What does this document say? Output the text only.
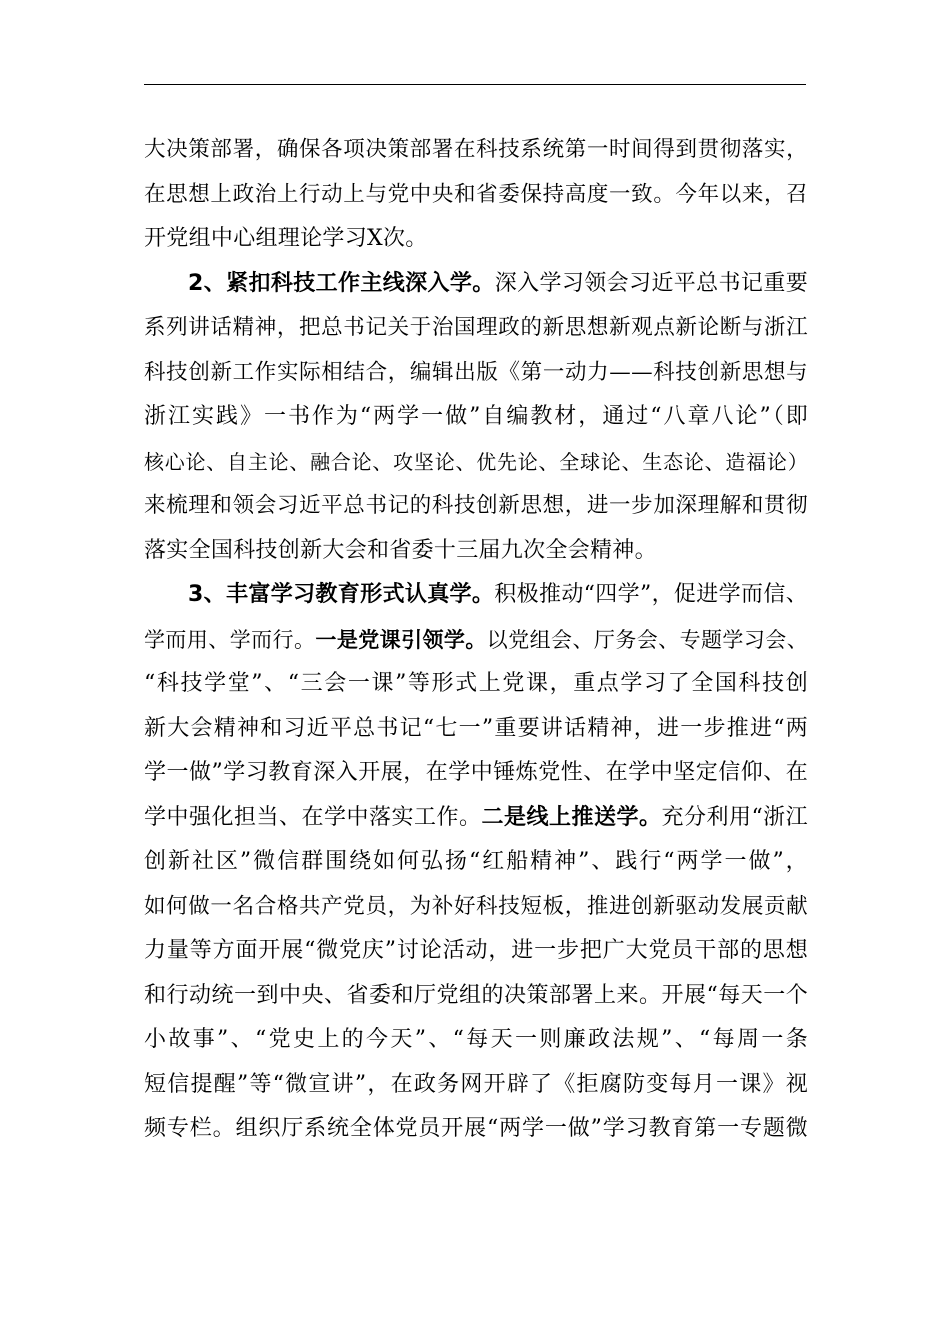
大决策部署，确保各项决策部署在科技系统第一时间得到贯彻落实，
在思想上政治上行动上与党中央和省委保持高度一致。今年以来，召
开党组中心组理论学习X次。
2、紧扣科技工作主线深入学。深入学习领会习近平总书记重要
系列讲话精神，把总书记关于治国理政的新思想新观点新论断与浙江
科技创新工作实际相结合，编辑出版《第一动力——科技创新思想与
浙江实践》一书作为“两学一做”自编教材，通过“八章八论”（即
核心论、自主论、融合论、攻坚论、优先论、全球论、生态论、造福论）
来梳理和领会习近平总书记的科技创新思想，进一步加深理解和贯彻
落实全国科技创新大会和省委十三届九次全会精神。
3、丰富学习教育形式认真学。积极推动“四学”，促进学而信、
学而用、学而行。一是党课引领学。以党组会、厅务会、专题学习会、
“科技学堂”、“三会一课”等形式上党课，重点学习了全国科技创
新大会精神和习近平总书记“七一”重要讲话精神，进一步推进“两
学一做”学习教育深入开展，在学中锤炼党性、在学中坚定信仰、在
学中强化担当、在学中落实工作。二是线上推送学。充分利用“浙江
创新社区”微信群围绕如何弘扬“红船精神”、践行“两学一做”，
如何做一名合格共产党员，为补好科技短板，推进创新驱动发展贡献
力量等方面开展“微党庆”讨论活动，进一步把广大党员干部的思想
和行动统一到中央、省委和厅党组的决策部署上来。开展“每天一个
小故事”、“党史上的今天”、“每天一则廉政法规”、“每周一条
短信提醒”等“微宣讲”，在政务网开辟了《拒腐防变每月一课》视
频专栏。组织厅系统全体党员开展“两学一做”学习教育第一专题微
